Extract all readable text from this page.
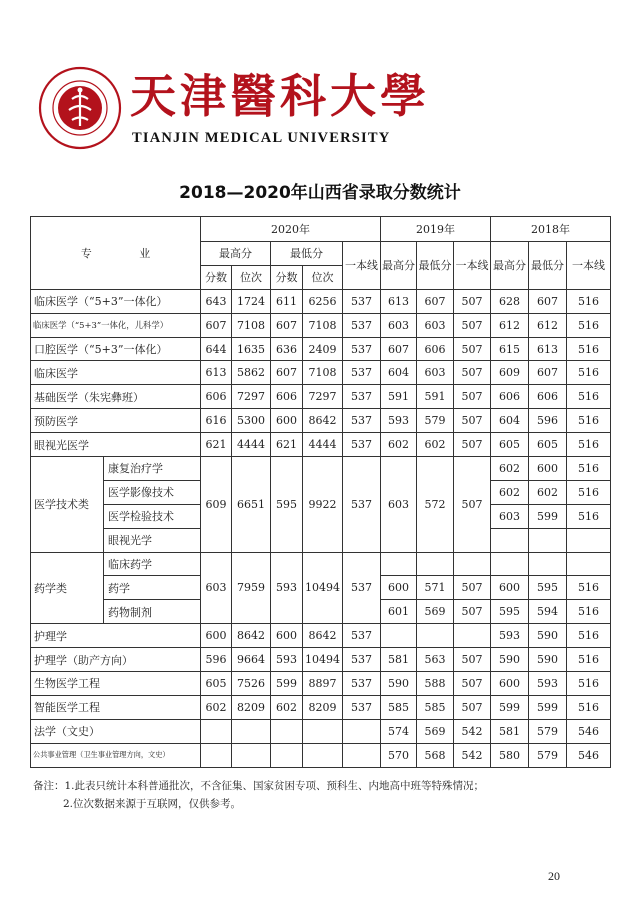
天津醫科大學
TIANJIN MEDICAL UNIVERSITY
2018—2020年山西省录取分数统计
专 业		2020年					2019年			2018年		
		最高分		最低分		一本线	最高分	最低分	一本线	最高分	最低分	一本线
		分数	位次	分数	位次							
临床医学（“5+3”一体化）		643	1724	611	6256	537	613	607	507	628	607	516
临床医学（“5+3”一体化，儿科学）		607	7108	607	7108	537	603	603	507	612	612	516
口腔医学（“5+3”一体化）		644	1635	636	2409	537	607	606	507	615	613	516
临床医学		613	5862	607	7108	537	604	603	507	609	607	516
基础医学（朱宪彝班）		606	7297	606	7297	537	591	591	507	606	606	516
预防医学		616	5300	600	8642	537	593	579	507	604	596	516
眼视光医学		621	4444	621	4444	537	602	602	507	605	605	516
医学技术类	康复治疗学	609	6651	595	9922	537	603	572	507	602	600	516
	医学影像技术									602	602	516
	医学检验技术									603	599	516
	眼视光学											
药学类	临床药学	603	7959	593	10494	537						
	药学						600	571	507	600	595	516
	药物制剂						601	569	507	595	594	516
护理学		600	8642	600	8642	537				593	590	516
护理学（助产方向）		596	9664	593	10494	537	581	563	507	590	590	516
生物医学工程		605	7526	599	8897	537	590	588	507	600	593	516
智能医学工程		602	8209	602	8209	537	585	585	507	599	599	516
法学（文史）							574	569	542	581	579	546
公共事业管理（卫生事业管理方向，文史）							570	568	542	580	579	546
备注：1.此表只统计本科普通批次，不含征集、国家贫困专项、预科生、内地高中班等特殊情况；
2.位次数据来源于互联网，仅供参考。
20
